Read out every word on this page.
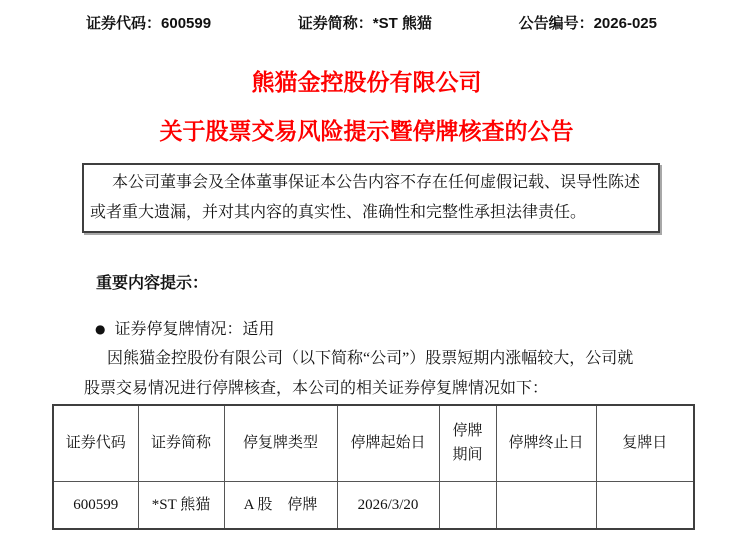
证券代码：600599	证券简称：*ST 熊猫	公告编号：2026-025
熊猫金控股份有限公司
关于股票交易风险提示暨停牌核查的公告
本公司董事会及全体董事保证本公告内容不存在任何虚假记载、误导性陈述
或者重大遗漏，并对其内容的真实性、准确性和完整性承担法律责任。
重要内容提示：
● 证券停复牌情况：适用
因熊猫金控股份有限公司（以下简称“公司”）股票短期内涨幅较大，公司就
股票交易情况进行停牌核查，本公司的相关证券停复牌情况如下：
证券代码	证券简称	停复牌类型	停牌起始日	停牌期间	停牌终止日	复牌日
600599	*ST 熊猫	A 股　停牌	2026/3/20			
